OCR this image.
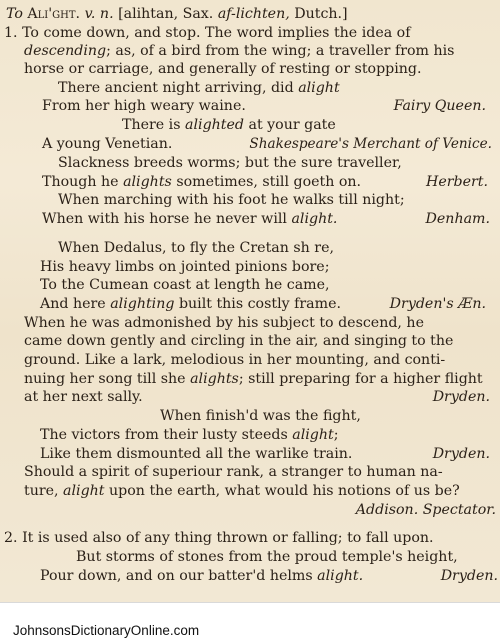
To Ali'ght. v. n. [alihtan, Sax. af-lichten, Dutch.]
1. To come down, and stop. The word implies the idea of
descending; as, of a bird from the wing; a traveller from his
horse or carriage, and generally of resting or stopping.
There ancient night arriving, did alight
From her high weary waine.	Fairy Queen.
There is alighted at your gate
A young Venetian.	Shakespeare's Merchant of Venice.
Slackness breeds worms; but the sure traveller,
Though he alights sometimes, still goeth on.	Herbert.
When marching with his foot he walks till night;
When with his horse he never will alight.	Denham.
When Dedalus, to fly the Cretan sh re,
His heavy limbs on jointed pinions bore;
To the Cumean coast at length he came,
And here alighting built this costly frame.	Dryden's Æn.
When he was admonished by his subject to descend, he
came down gently and circling in the air, and singing to the
ground. Like a lark, melodious in her mounting, and conti-
nuing her song till she alights; still preparing for a higher flight
at her next sally.	Dryden.
When finish'd was the fight,
The victors from their lusty steeds alight;
Like them dismounted all the warlike train.	Dryden.
Should a spirit of superiour rank, a stranger to human na-
ture, alight upon the earth, what would his notions of us be?
Addison. Spectator.
2. It is used also of any thing thrown or falling; to fall upon.
But storms of stones from the proud temple's height,
Pour down, and on our batter'd helms alight.	Dryden.
JohnsonsDictionaryOnline.com
